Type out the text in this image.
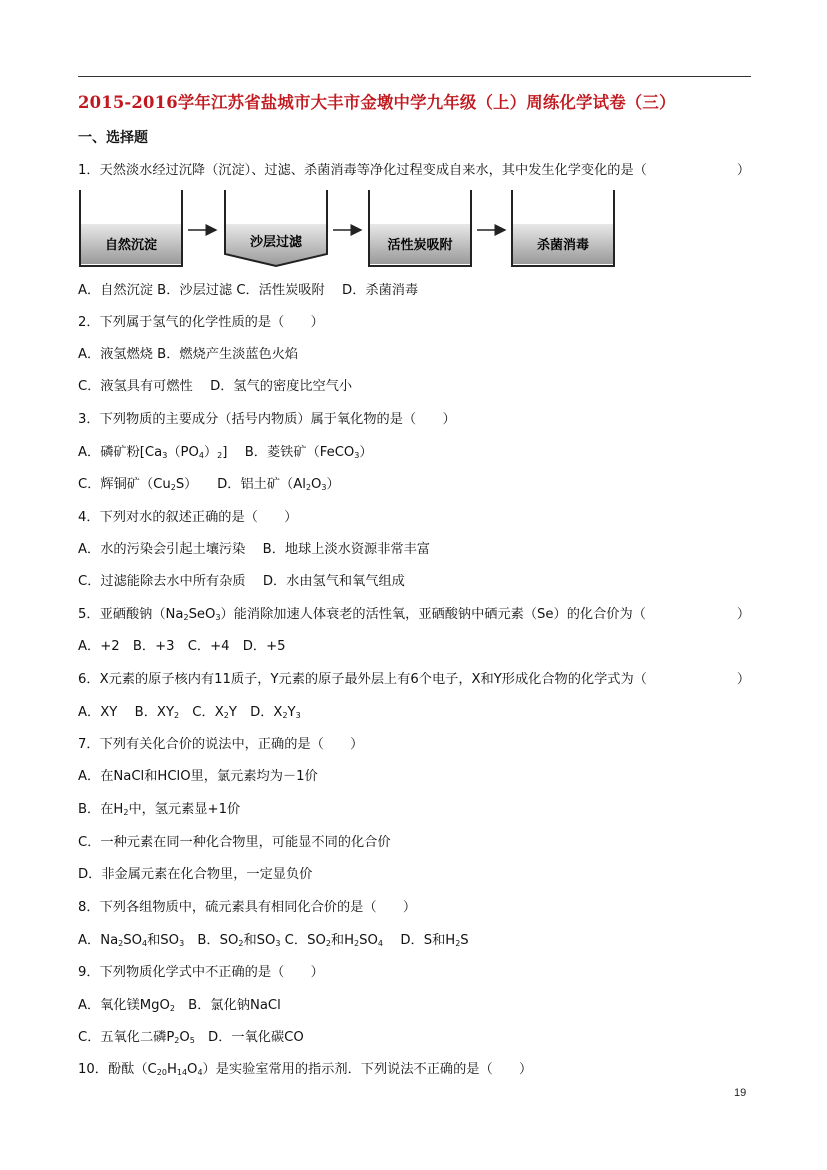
2015-2016学年江苏省盐城市大丰市金墩中学九年级（上）周练化学试卷（三）
一、选择题
1．天然淡水经过沉降（沉淀）、过滤、杀菌消毒等净化过程变成自来水，其中发生化学变化的是（	）
自然沉淀	沙层过滤	活性炭吸附	杀菌消毒
A．自然沉淀 B．沙层过滤 C．活性炭吸附　 D．杀菌消毒
2．下列属于氢气的化学性质的是（　　）
A．液氢燃烧 B．燃烧产生淡蓝色火焰
C．液氢具有可燃性　 D．氢气的密度比空气小
3．下列物质的主要成分（括号内物质）属于氧化物的是（　　）
A．磷矿粉$[Ca_3(PO_4)_2]$　 B．菱铁矿（FeCO$_3$）
C．辉铜矿$(Cu_2S)$　　D．铝土矿$(Al_2O_3)$
4．下列对水的叙述正确的是（　　）
A．水的污染会引起土壤污染　 B．地球上淡水资源非常丰富
C．过滤能除去水中所有杂质　 D．水由氢气和氧气组成
5．亚硒酸钠$(Na_2SeO_3)$能消除加速人体衰老的活性氧，亚硒酸钠中硒元素（Se）的化合价为（	）
A．+2　B．+3　C．+4　D．+5
6．X元素的原子核内有11质子，Y元素的原子最外层上有6个电子，X和Y形成化合物的化学式为（	）
A．XY　 B．$XY_2$　C．$X_2Y$　D．$X_2Y_3$
7．下列有关化合价的说法中，正确的是（　　）
A．在NaCl和HClO里，氯元素均为－1价
B．在$H_2$中，氢元素显+1价
C．一种元素在同一种化合物里，可能显不同的化合价
D．非金属元素在化合物里，一定显负价
8．下列各组物质中，硫元素具有相同化合价的是（　　）
A．$Na_2SO_4$和$SO_3$　B．$SO_2$和$SO_3$ C．$SO_2$和$H_2SO_4$　 D．S和$H_2S$
9．下列物质化学式中不正确的是（　　）
A．氧化镁MgO$_2$　B．氯化钠NaCl
C．五氧化二磷$P_2O_5$　D．一氧化碳CO
10．酚酞$(C_{20}H_{14}O_4)$是实验室常用的指示剂．下列说法不正确的是（　　）
19
